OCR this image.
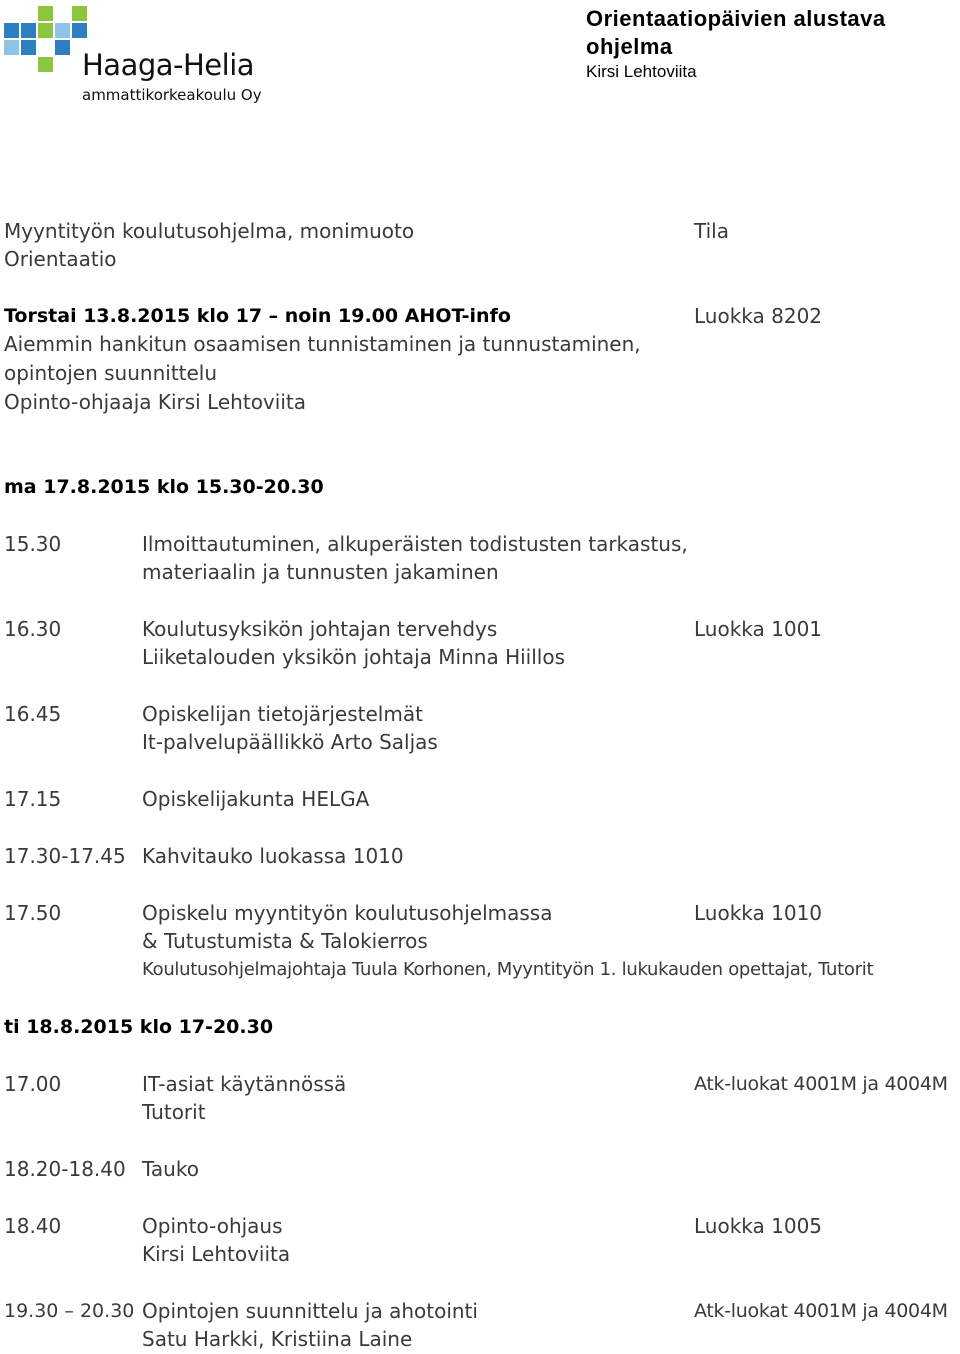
Haaga-Helia
ammattikorkeakoulu Oy
Orientaatiopäivien alustava
ohjelma
Kirsi Lehtoviita
Myyntityön koulutusohjelma, monimuoto
Orientaatio
Tila
Torstai 13.8.2015 klo 17 – noin 19.00 AHOT-info	Luokka 8202
Aiemmin hankitun osaamisen tunnistaminen ja tunnustaminen,
opintojen suunnittelu
Opinto-ohjaaja Kirsi Lehtoviita
ma 17.8.2015 klo 15.30-20.30
15.30	Ilmoittautuminen, alkuperäisten todistusten tarkastus,
materiaalin ja tunnusten jakaminen
16.30	Koulutusyksikön johtajan tervehdys	Luokka 1001
Liiketalouden yksikön johtaja Minna Hiillos
16.45	Opiskelijan tietojärjestelmät
It-palvelupäällikkö Arto Saljas
17.15	Opiskelijakunta HELGA
17.30-17.45 Kahvitauko luokassa 1010
17.50	Opiskelu myyntityön koulutusohjelmassa	Luokka 1010
& Tutustumista & Talokierros
Koulutusohjelmajohtaja Tuula Korhonen, Myyntityön 1. lukukauden opettajat, Tutorit
ti 18.8.2015 klo 17-20.30
17.00	IT-asiat käytännössä	Atk-luokat 4001M ja 4004M
Tutorit
18.20-18.40 Tauko
18.40	Opinto-ohjaus	Luokka 1005
Kirsi Lehtoviita
19.30 – 20.30 Opintojen suunnittelu ja ahotointi	Atk-luokat 4001M ja 4004M
Satu Harkki, Kristiina Laine
